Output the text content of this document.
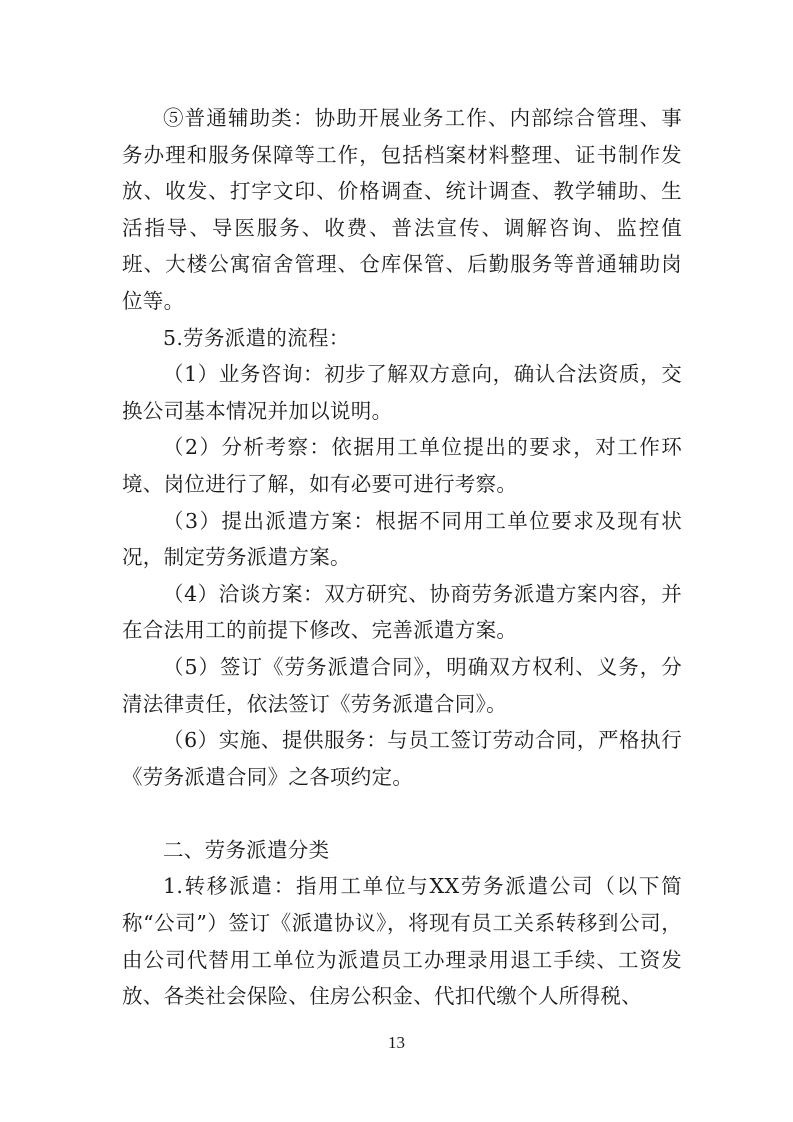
⑤普通辅助类：协助开展业务工作、内部综合管理、事务办理和服务保障等工作，包括档案材料整理、证书制作发放、收发、打字文印、价格调查、统计调查、教学辅助、生活指导、导医服务、收费、普法宣传、调解咨询、监控值班、大楼公寓宿舍管理、仓库保管、后勤服务等普通辅助岗位等。

5.劳务派遣的流程：

（1）业务咨询：初步了解双方意向，确认合法资质，交换公司基本情况并加以说明。

（2）分析考察：依据用工单位提出的要求，对工作环境、岗位进行了解，如有必要可进行考察。

（3）提出派遣方案：根据不同用工单位要求及现有状况，制定劳务派遣方案。

（4）洽谈方案：双方研究、协商劳务派遣方案内容，并在合法用工的前提下修改、完善派遣方案。

（5）签订《劳务派遣合同》，明确双方权利、义务，分清法律责任，依法签订《劳务派遣合同》。

（6）实施、提供服务：与员工签订劳动合同，严格执行《劳务派遣合同》之各项约定。

二、劳务派遣分类

1.转移派遣：指用工单位与XX劳务派遣公司（以下简称“公司”）签订《派遣协议》，将现有员工关系转移到公司，由公司代替用工单位为派遣员工办理录用退工手续、工资发放、各类社会保险、住房公积金、代扣代缴个人所得税、

13
